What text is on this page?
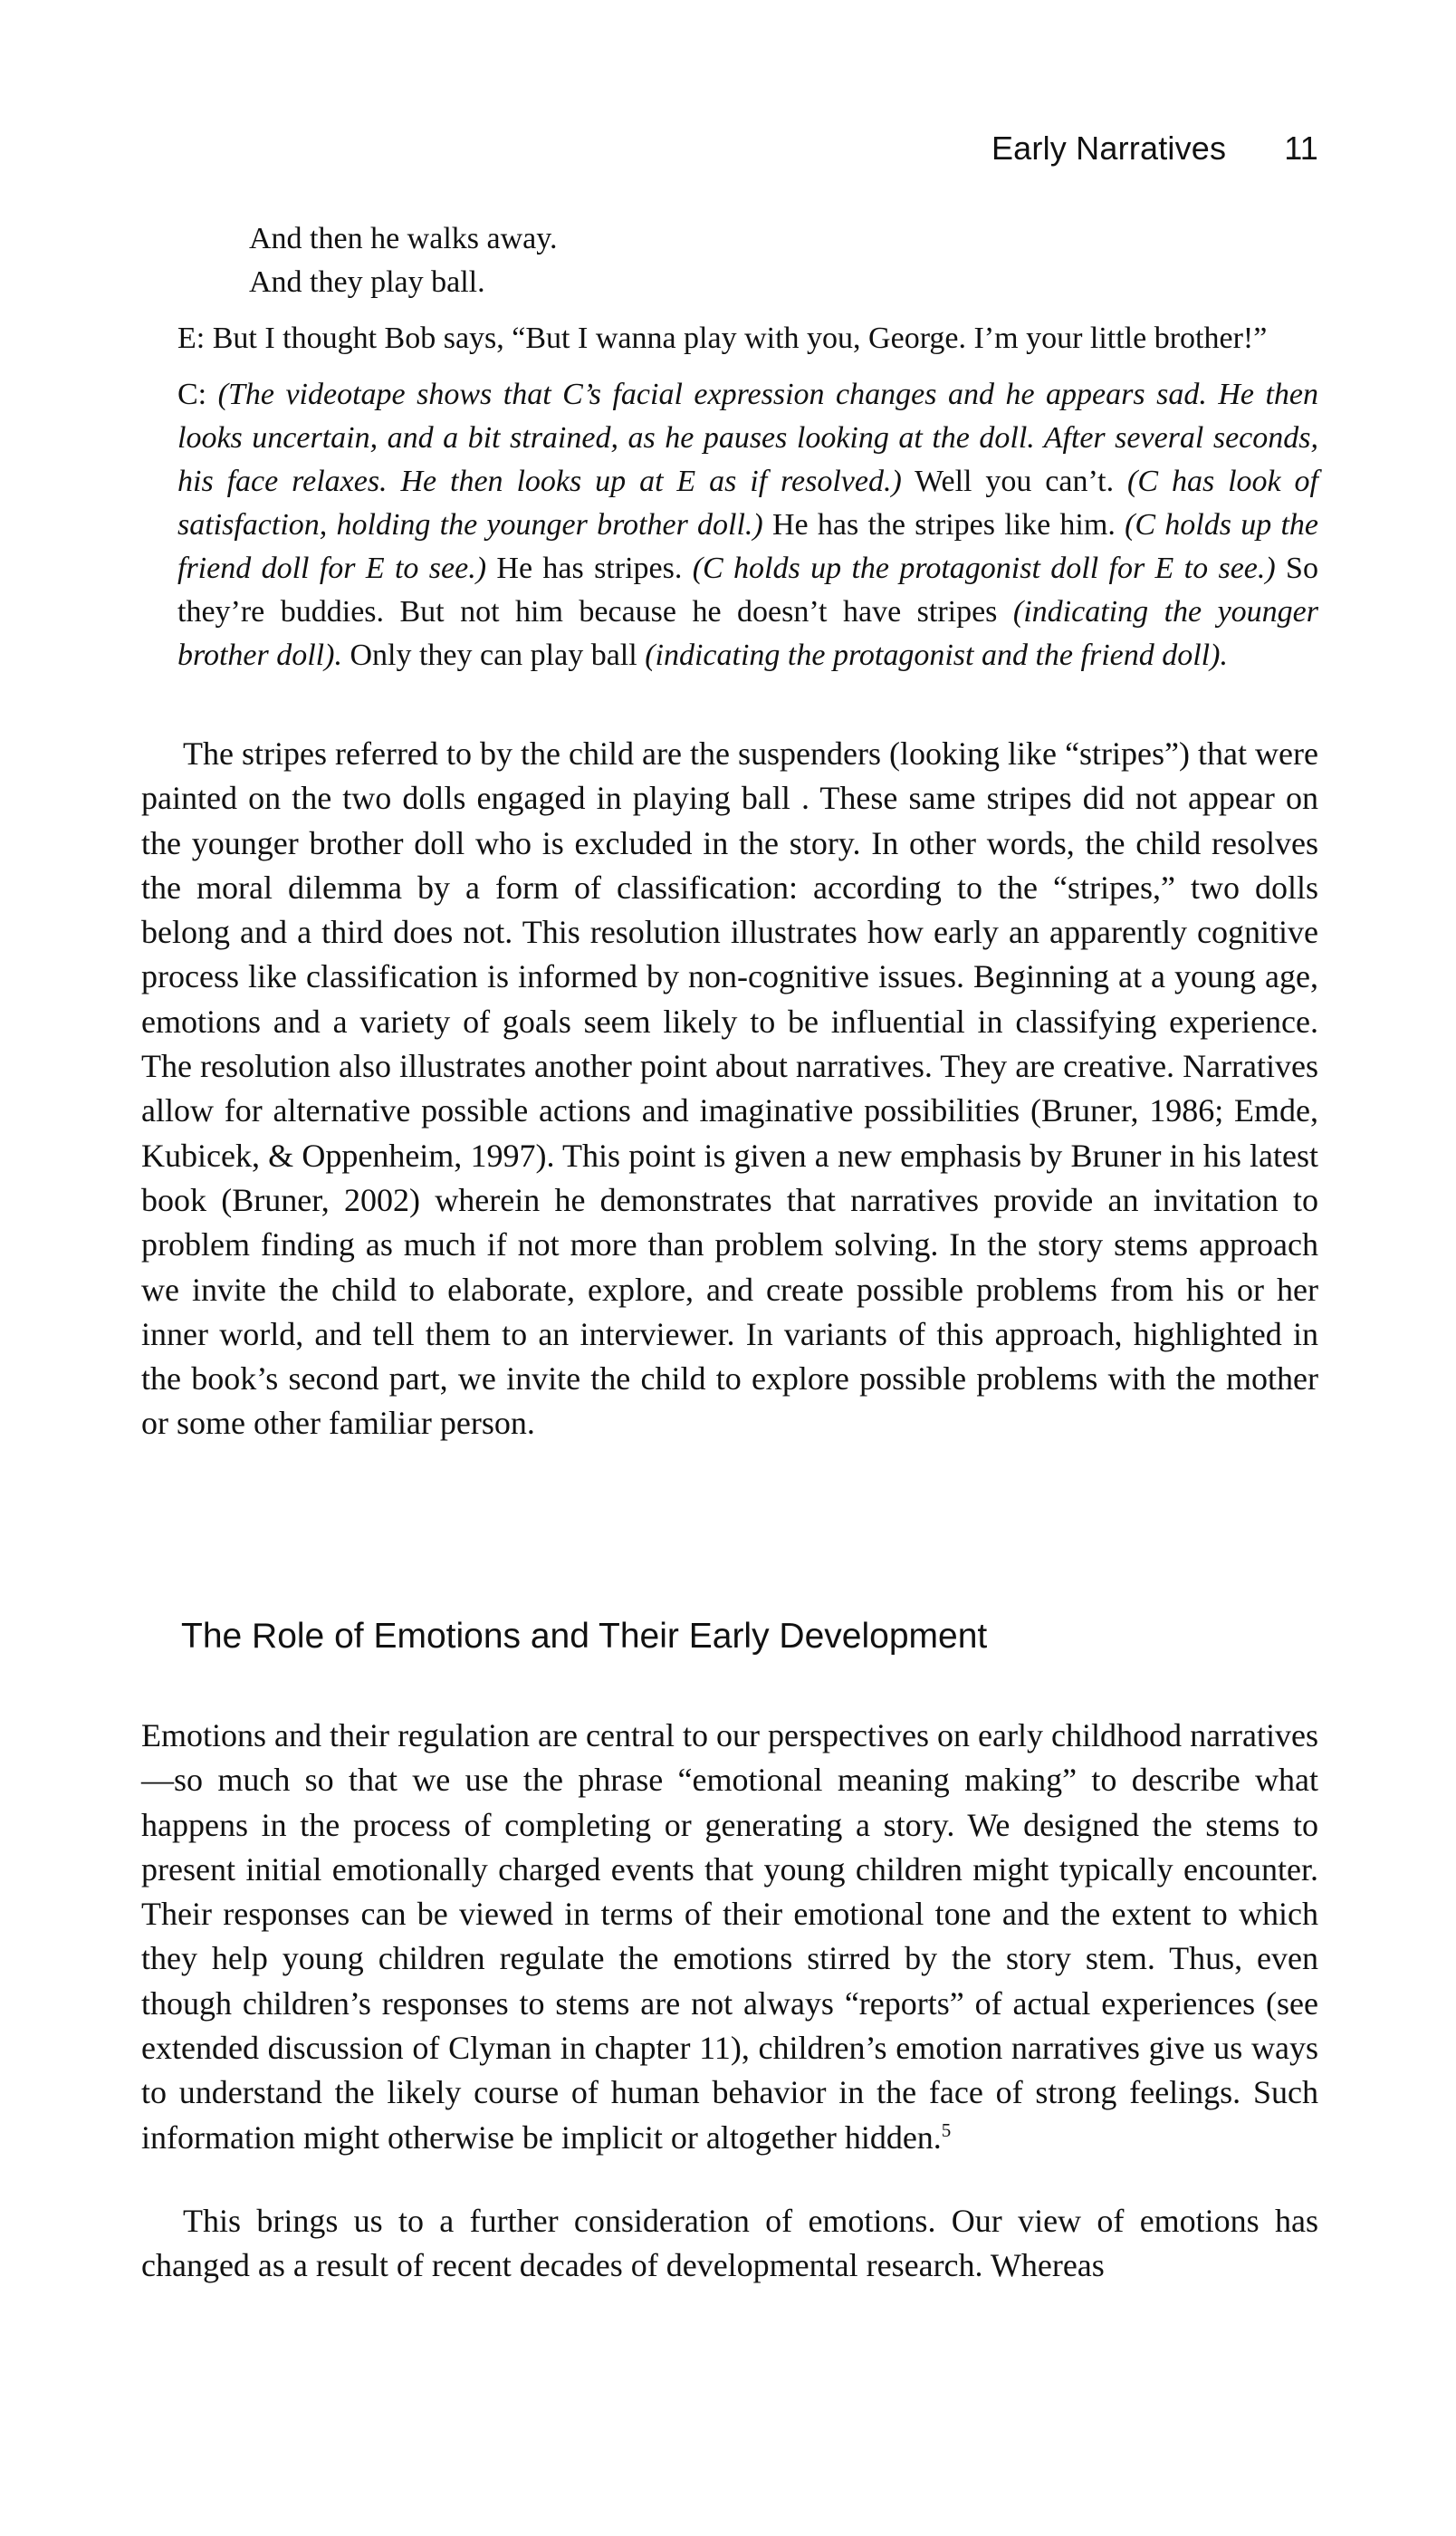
Early Narratives 11
And then he walks away.
And they play ball.
E: But I thought Bob says, “But I wanna play with you, George. I’m your little brother!”
C: (The videotape shows that C’s facial expression changes and he appears sad. He then looks uncertain, and a bit strained, as he pauses looking at the doll. After several seconds, his face relaxes. He then looks up at E as if resolved.) Well you can’t. (C has look of satisfaction, holding the younger brother doll.) He has the stripes like him. (C holds up the friend doll for E to see.) He has stripes. (C holds up the protagonist doll for E to see.) So they’re buddies. But not him because he doesn’t have stripes (indicating the younger brother doll). Only they can play ball (indicating the protagonist and the friend doll).

The stripes referred to by the child are the suspenders (looking like “stripes”) that were painted on the two dolls engaged in playing ball . These same stripes did not appear on the younger brother doll who is excluded in the story. In other words, the child resolves the moral dilemma by a form of classification: according to the “stripes,” two dolls belong and a third does not. This resolution illustrates how early an apparently cognitive process like classification is informed by non-cognitive issues. Beginning at a young age, emotions and a variety of goals seem likely to be influential in classifying experience. The resolution also illustrates another point about narratives. They are creative. Narratives allow for alternative possible actions and imaginative possibilities (Bruner, 1986; Emde, Kubicek, & Oppenheim, 1997). This point is given a new emphasis by Bruner in his latest book (Bruner, 2002) wherein he demonstrates that narratives provide an invitation to problem finding as much if not more than problem solving. In the story stems approach we invite the child to elaborate, explore, and create possible problems from his or her inner world, and tell them to an interviewer. In variants of this approach, highlighted in the book’s second part, we invite the child to explore possible problems with the mother or some other familiar person.

The Role of Emotions and Their Early Development

Emotions and their regulation are central to our perspectives on early childhood narratives—so much so that we use the phrase “emotional meaning making” to describe what happens in the process of completing or generating a story. We designed the stems to present initial emotionally charged events that young children might typically encounter. Their responses can be viewed in terms of their emotional tone and the extent to which they help young children regulate the emotions stirred by the story stem. Thus, even though children’s responses to stems are not always “reports” of actual experiences (see extended discussion of Clyman in chapter 11), children’s emotion narratives give us ways to understand the likely course of human behavior in the face of strong feelings. Such information might otherwise be implicit or altogether hidden.$^5$

This brings us to a further consideration of emotions. Our view of emotions has changed as a result of recent decades of developmental research. Whereas
